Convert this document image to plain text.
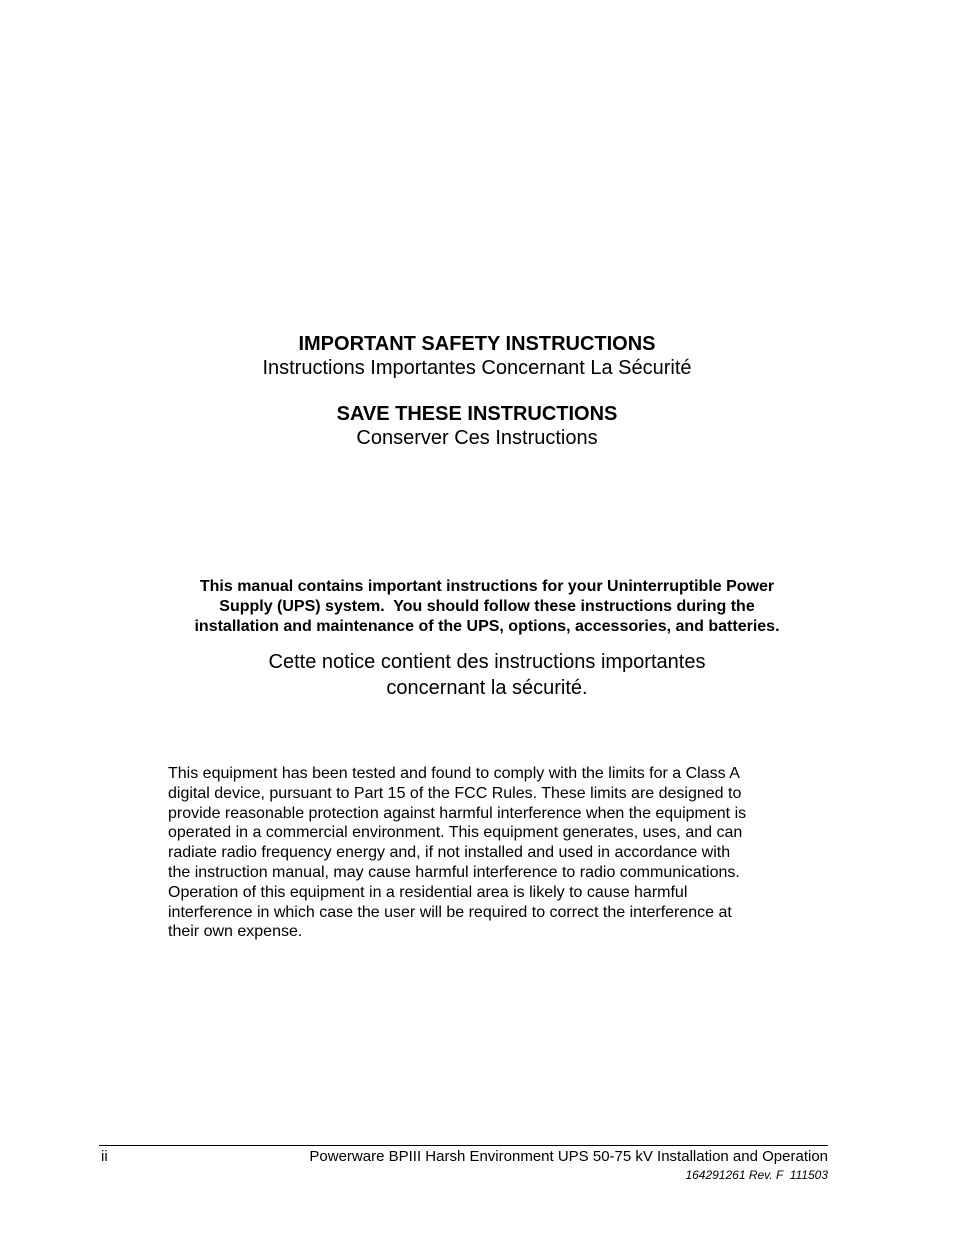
IMPORTANT SAFETY INSTRUCTIONS
Instructions Importantes Concernant La Sécurité
SAVE THESE INSTRUCTIONS
Conserver Ces Instructions
This manual contains important instructions for your Uninterruptible Power
Supply (UPS) system.  You should follow these instructions during the
installation and maintenance of the UPS, options, accessories, and batteries.
Cette notice contient des instructions importantes
concernant la sécurité.
This equipment has been tested and found to comply with the limits for a Class A
digital device, pursuant to Part 15 of the FCC Rules. These limits are designed to
provide reasonable protection against harmful interference when the equipment is
operated in a commercial environment. This equipment generates, uses, and can
radiate radio frequency energy and, if not installed and used in accordance with
the instruction manual, may cause harmful interference to radio communications.
Operation of this equipment in a residential area is likely to cause harmful
interference in which case the user will be required to correct the interference at
their own expense.
ii	Powerware BPIII Harsh Environment UPS 50-75 kV Installation and Operation
164291261 Rev. F  111503
